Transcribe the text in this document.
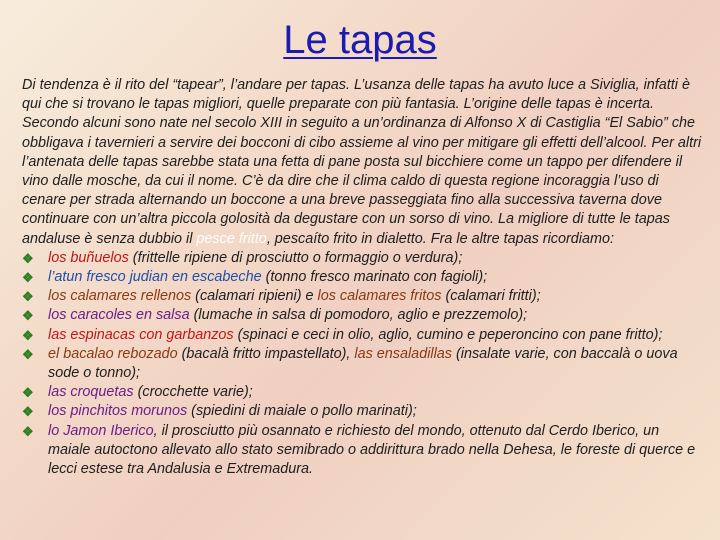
Le tapas

Di tendenza è il rito del “tapear”, l’andare per tapas. L’usanza delle tapas ha avuto luce a Siviglia, infatti è qui che si trovano le tapas migliori, quelle preparate con più fantasia. L’origine delle tapas è incerta. Secondo alcuni sono nate nel secolo XIII in seguito a un’ordinanza di Alfonso X di Castiglia “El Sabio” che obbligava i tavernieri a servire dei bocconi di cibo assieme al vino per mitigare gli effetti dell’alcool. Per altri l’antenata delle tapas sarebbe stata una fetta di pane posta sul bicchiere come un tappo per difendere il vino dalle mosche, da cui il nome. C’è da dire che il clima caldo di questa regione incoraggia l’uso di cenare per strada alternando un boccone a una breve passeggiata fino alla successiva taverna dove continuare con un’altra piccola golosità da degustare con un sorso di vino. La migliore di tutte le tapas andaluse è senza dubbio il pesce fritto, pescaíto frito in dialetto. Fra le altre tapas ricordiamo:

❖ los buñuelos (frittelle ripiene di prosciutto o formaggio o verdura);
❖ l’atun fresco judian en escabeche (tonno fresco marinato con fagioli);
❖ los calamares rellenos (calamari ripieni) e los calamares fritos (calamari fritti);
❖ los caracoles en salsa (lumache in salsa di pomodoro, aglio e prezzemolo);
❖ las espinacas con garbanzos (spinaci e ceci in olio, aglio, cumino e peperoncino con pane fritto);
❖ el bacalao rebozado (bacalà fritto impastellato), las ensaladillas (insalate varie, con baccalà o uova sode o tonno);
❖ las croquetas (crocchette varie);
❖ los pinchitos morunos (spiedini di maiale o pollo marinati);
❖ lo Jamon Iberico, il prosciutto più osannato e richiesto del mondo, ottenuto dal Cerdo Iberico, un maiale autoctono allevato allo stato semibrado o addirittura brado nella Dehesa, le foreste di querce e lecci estese tra Andalusia e Extremadura.
